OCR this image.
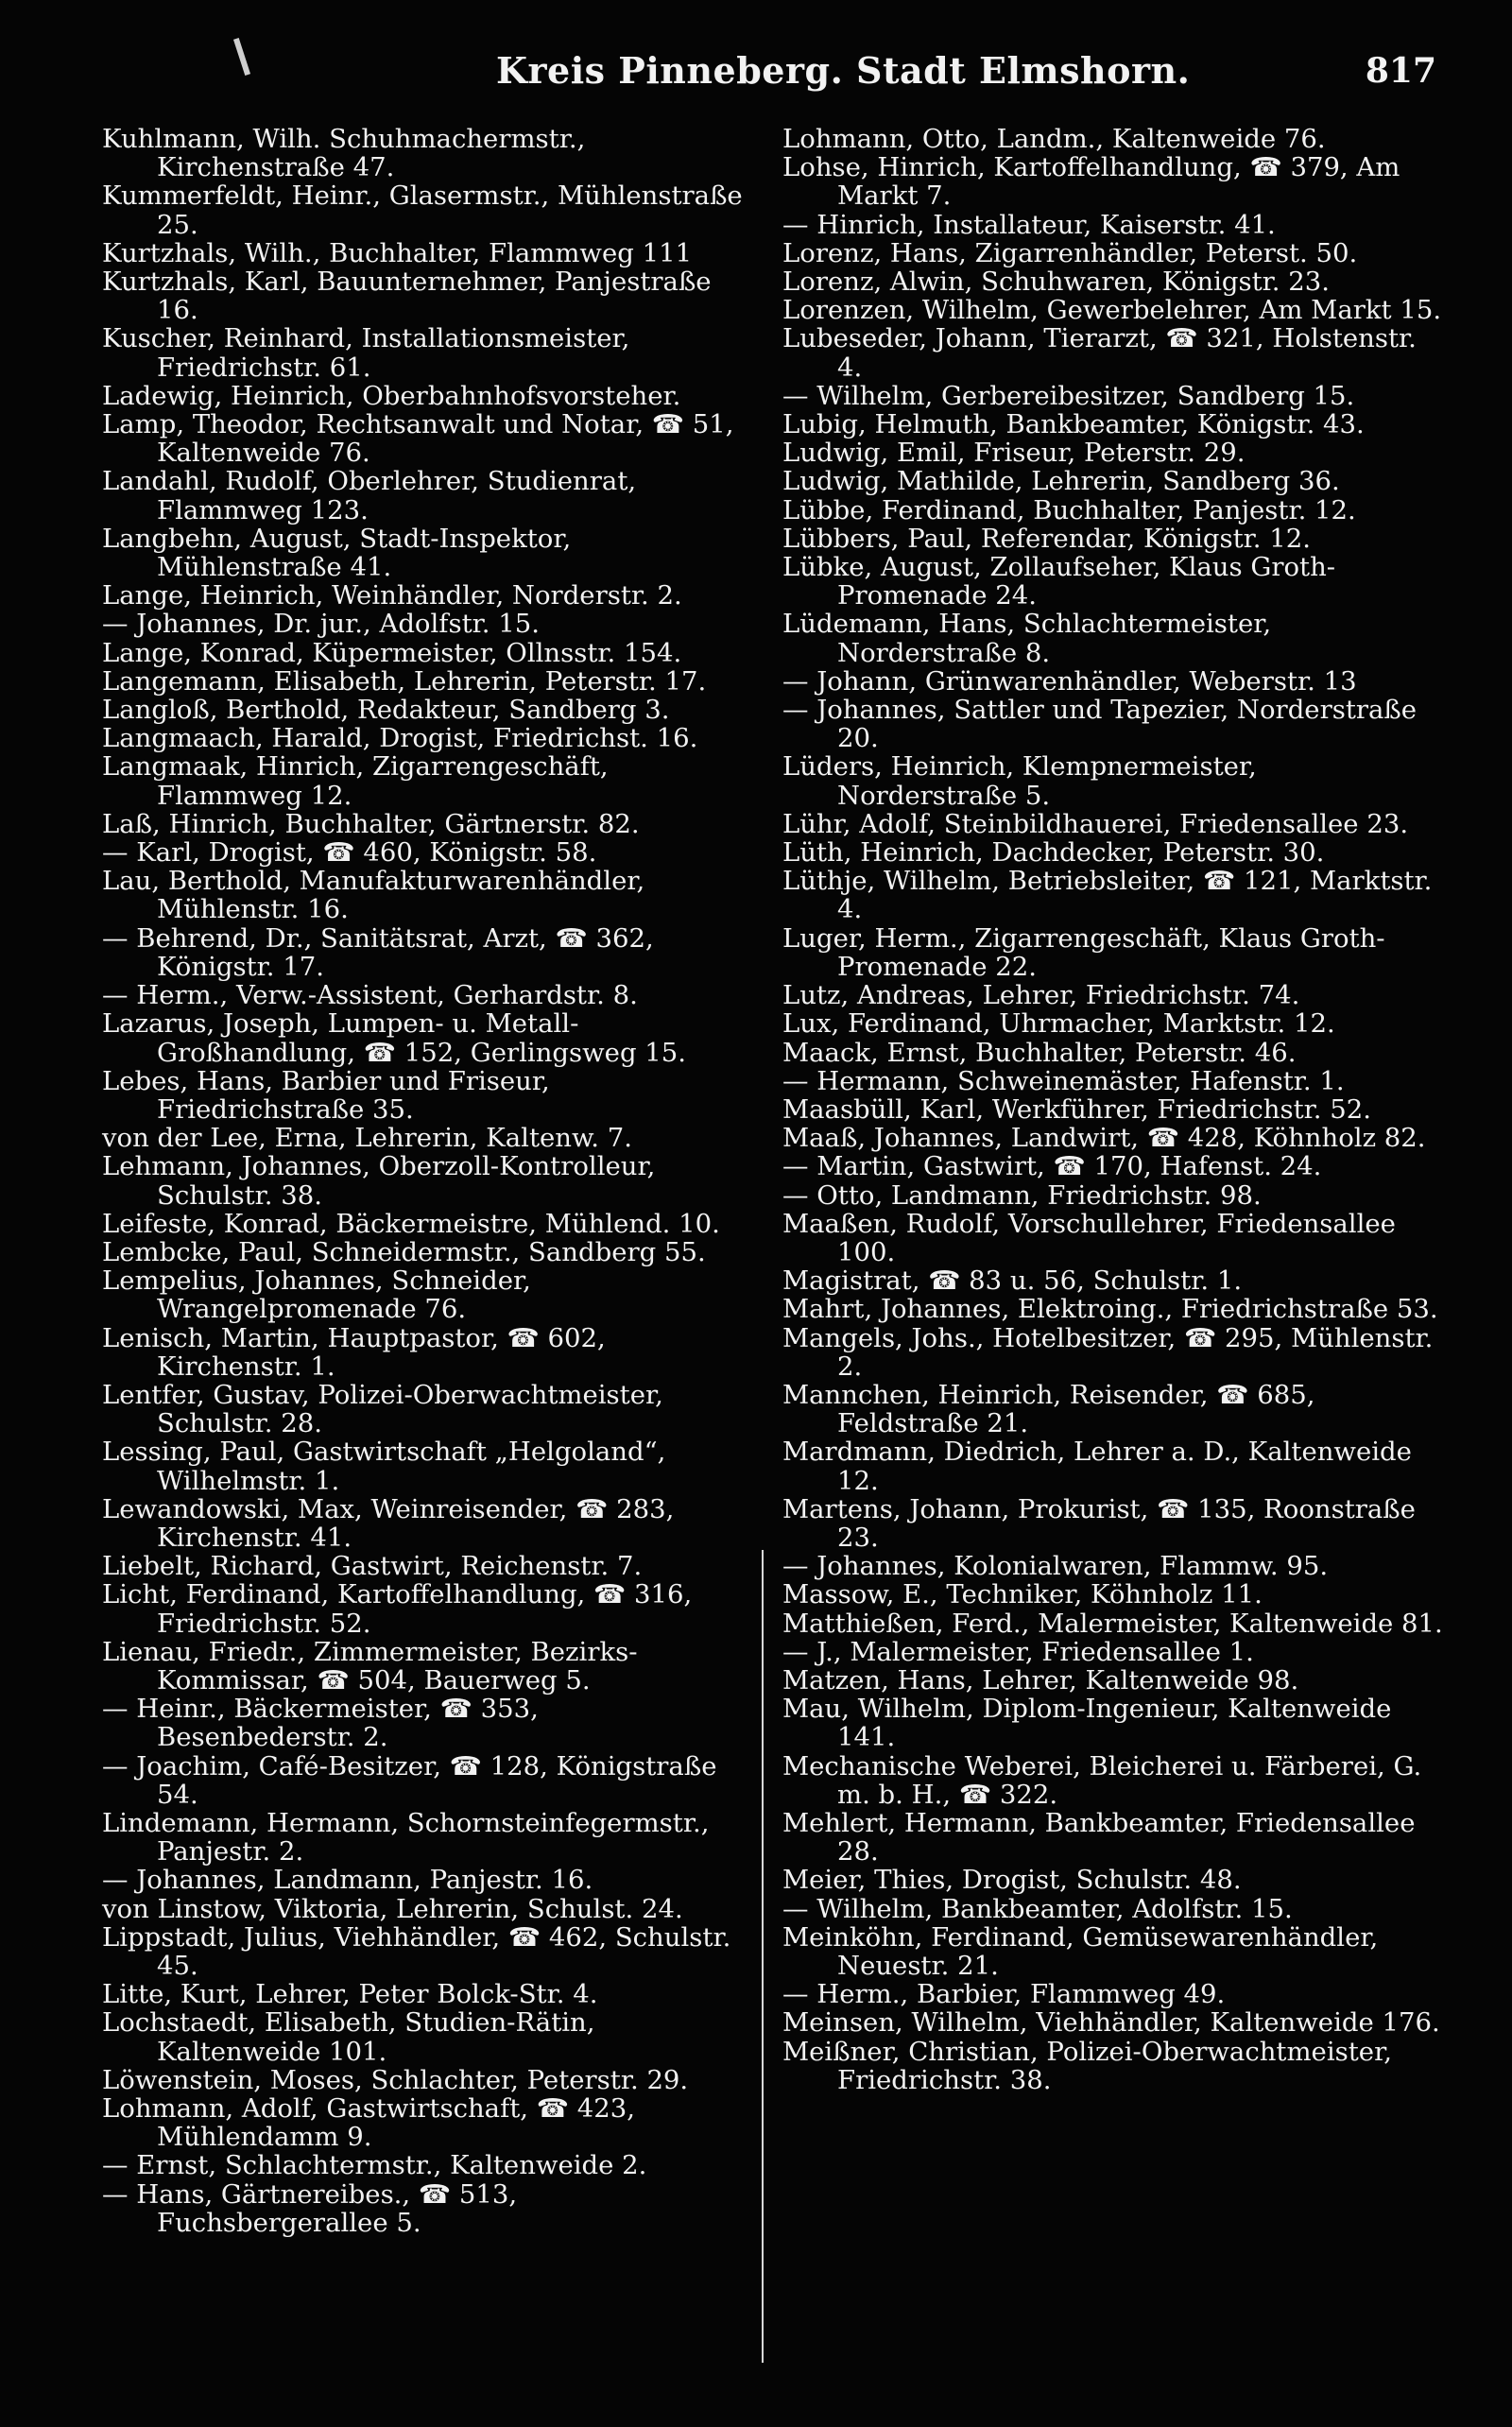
Kreis Pinneberg. Stadt Elmshorn.	817
Kuhlmann, Wilh. Schuhmachermstr., Kirchenstraße 47.
Kummerfeldt, Heinr., Glasermstr., Mühlenstraße 25.
Kurtzhals, Wilh., Buchhalter, Flammweg 111
Kurtzhals, Karl, Bauunternehmer, Panjestraße 16.
Kuscher, Reinhard, Installationsmeister, Friedrichstr. 61.
Ladewig, Heinrich, Oberbahnhofsvorsteher.
Lamp, Theodor, Rechtsanwalt und Notar, ☎ 51, Kaltenweide 76.
Landahl, Rudolf, Oberlehrer, Studienrat, Flammweg 123.
Langbehn, August, Stadt-Inspektor, Mühlenstraße 41.
Lange, Heinrich, Weinhändler, Norderstr. 2.
— Johannes, Dr. jur., Adolfstr. 15.
Lange, Konrad, Küpermeister, Ollnsstr. 154.
Langemann, Elisabeth, Lehrerin, Peterstr. 17.
Langloß, Berthold, Redakteur, Sandberg 3.
Langmaach, Harald, Drogist, Friedrichst. 16.
Langmaak, Hinrich, Zigarrengeschäft, Flammweg 12.
Laß, Hinrich, Buchhalter, Gärtnerstr. 82.
— Karl, Drogist, ☎ 460, Königstr. 58.
Lau, Berthold, Manufakturwarenhändler, Mühlenstr. 16.
— Behrend, Dr., Sanitätsrat, Arzt, ☎ 362, Königstr. 17.
— Herm., Verw.-Assistent, Gerhardstr. 8.
Lazarus, Joseph, Lumpen- u. Metall-Großhandlung, ☎ 152, Gerlingsweg 15.
Lebes, Hans, Barbier und Friseur, Friedrichstraße 35.
von der Lee, Erna, Lehrerin, Kaltenw. 7.
Lehmann, Johannes, Oberzoll-Kontrolleur, Schulstr. 38.
Leifeste, Konrad, Bäckermeistre, Mühlend. 10.
Lembcke, Paul, Schneidermstr., Sandberg 55.
Lempelius, Johannes, Schneider, Wrangelpromenade 76.
Lenisch, Martin, Hauptpastor, ☎ 602, Kirchenstr. 1.
Lentfer, Gustav, Polizei-Oberwachtmeister, Schulstr. 28.
Lessing, Paul, Gastwirtschaft „Helgoland“, Wilhelmstr. 1.
Lewandowski, Max, Weinreisender, ☎ 283, Kirchenstr. 41.
Liebelt, Richard, Gastwirt, Reichenstr. 7.
Licht, Ferdinand, Kartoffelhandlung, ☎ 316, Friedrichstr. 52.
Lienau, Friedr., Zimmermeister, Bezirks-Kommissar, ☎ 504, Bauerweg 5.
— Heinr., Bäckermeister, ☎ 353, Besenbederstr. 2.
— Joachim, Café-Besitzer, ☎ 128, Königstraße 54.
Lindemann, Hermann, Schornsteinfegermstr., Panjestr. 2.
— Johannes, Landmann, Panjestr. 16.
von Linstow, Viktoria, Lehrerin, Schulst. 24.
Lippstadt, Julius, Viehhändler, ☎ 462, Schulstr. 45.
Litte, Kurt, Lehrer, Peter Bolck-Str. 4.
Lochstaedt, Elisabeth, Studien-Rätin, Kaltenweide 101.
Löwenstein, Moses, Schlachter, Peterstr. 29.
Lohmann, Adolf, Gastwirtschaft, ☎ 423, Mühlendamm 9.
— Ernst, Schlachtermstr., Kaltenweide 2.
— Hans, Gärtnereibes., ☎ 513, Fuchsbergerallee 5.
Lohmann, Otto, Landm., Kaltenweide 76.
Lohse, Hinrich, Kartoffelhandlung, ☎ 379, Am Markt 7.
— Hinrich, Installateur, Kaiserstr. 41.
Lorenz, Hans, Zigarrenhändler, Peterst. 50.
Lorenz, Alwin, Schuhwaren, Königstr. 23.
Lorenzen, Wilhelm, Gewerbelehrer, Am Markt 15.
Lubeseder, Johann, Tierarzt, ☎ 321, Holstenstr. 4.
— Wilhelm, Gerbereibesitzer, Sandberg 15.
Lubig, Helmuth, Bankbeamter, Königstr. 43.
Ludwig, Emil, Friseur, Peterstr. 29.
Ludwig, Mathilde, Lehrerin, Sandberg 36.
Lübbe, Ferdinand, Buchhalter, Panjestr. 12.
Lübbers, Paul, Referendar, Königstr. 12.
Lübke, August, Zollaufseher, Klaus Groth-Promenade 24.
Lüdemann, Hans, Schlachtermeister, Norderstraße 8.
— Johann, Grünwarenhändler, Weberstr. 13
— Johannes, Sattler und Tapezier, Norderstraße 20.
Lüders, Heinrich, Klempnermeister, Norderstraße 5.
Lühr, Adolf, Steinbildhauerei, Friedensallee 23.
Lüth, Heinrich, Dachdecker, Peterstr. 30.
Lüthje, Wilhelm, Betriebsleiter, ☎ 121, Marktstr. 4.
Luger, Herm., Zigarrengeschäft, Klaus Groth-Promenade 22.
Lutz, Andreas, Lehrer, Friedrichstr. 74.
Lux, Ferdinand, Uhrmacher, Marktstr. 12.
Maack, Ernst, Buchhalter, Peterstr. 46.
— Hermann, Schweinemäster, Hafenstr. 1.
Maasbüll, Karl, Werkführer, Friedrichstr. 52.
Maaß, Johannes, Landwirt, ☎ 428, Köhnholz 82.
— Martin, Gastwirt, ☎ 170, Hafenst. 24.
— Otto, Landmann, Friedrichstr. 98.
Maaßen, Rudolf, Vorschullehrer, Friedensallee 100.
Magistrat, ☎ 83 u. 56, Schulstr. 1.
Mahrt, Johannes, Elektroing., Friedrichstraße 53.
Mangels, Johs., Hotelbesitzer, ☎ 295, Mühlenstr. 2.
Mannchen, Heinrich, Reisender, ☎ 685, Feldstraße 21.
Mardmann, Diedrich, Lehrer a. D., Kaltenweide 12.
Martens, Johann, Prokurist, ☎ 135, Roonstraße 23.
— Johannes, Kolonialwaren, Flammw. 95.
Massow, E., Techniker, Köhnholz 11.
Matthießen, Ferd., Malermeister, Kaltenweide 81.
— J., Malermeister, Friedensallee 1.
Matzen, Hans, Lehrer, Kaltenweide 98.
Mau, Wilhelm, Diplom-Ingenieur, Kaltenweide 141.
Mechanische Weberei, Bleicherei u. Färberei, G. m. b. H., ☎ 322.
Mehlert, Hermann, Bankbeamter, Friedensallee 28.
Meier, Thies, Drogist, Schulstr. 48.
— Wilhelm, Bankbeamter, Adolfstr. 15.
Meinköhn, Ferdinand, Gemüsewarenhändler, Neuestr. 21.
— Herm., Barbier, Flammweg 49.
Meinsen, Wilhelm, Viehhändler, Kaltenweide 176.
Meißner, Christian, Polizei-Oberwachtmeister, Friedrichstr. 38.
